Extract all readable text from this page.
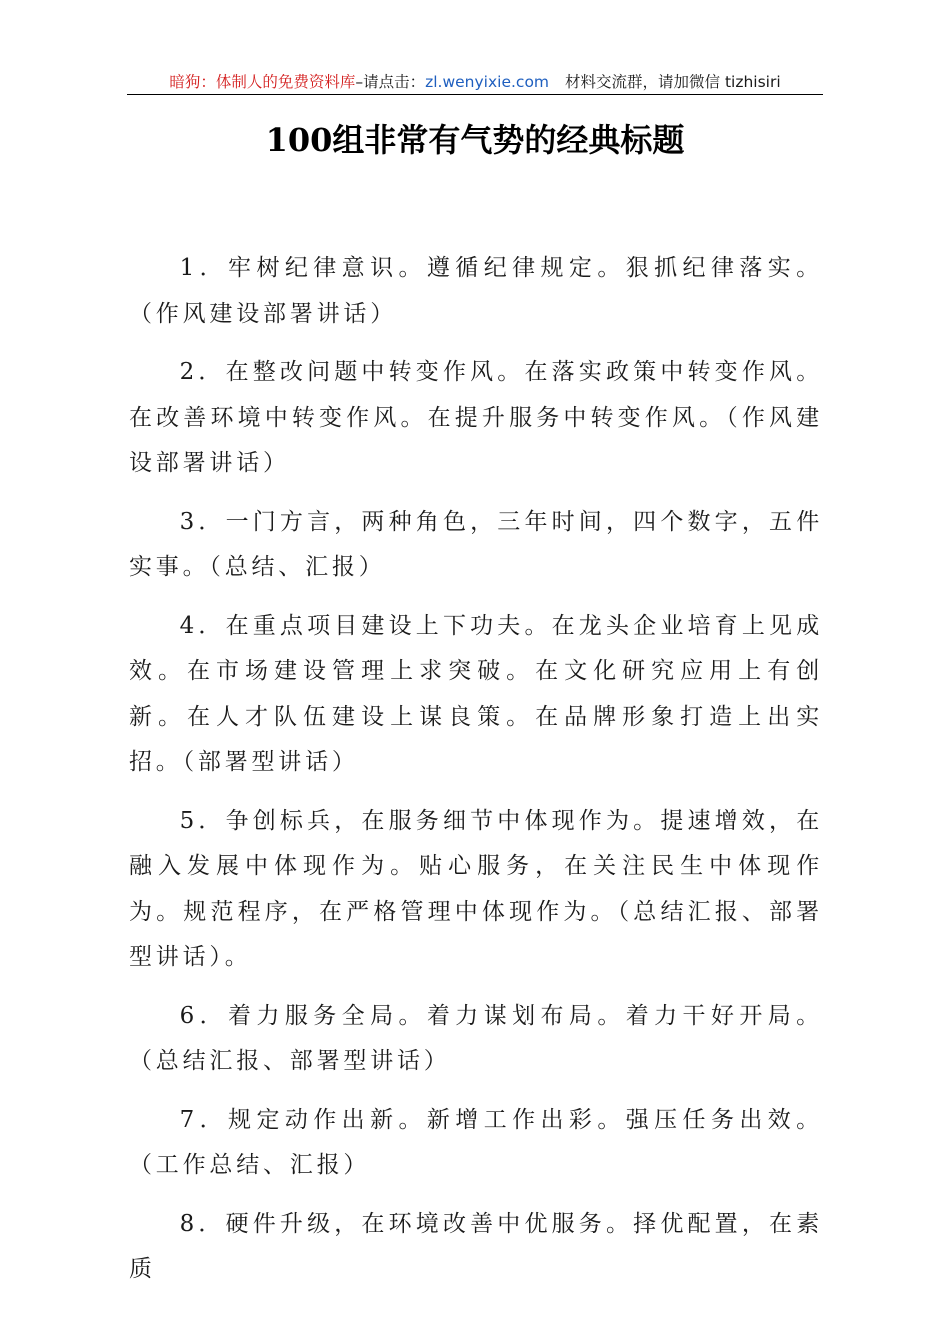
暗狗：体制人的免费资料库–请点击：zl.wenyixie.com 材料交流群，请加微信 tizhisiri
100组非常有气势的经典标题

1．牢树纪律意识。遵循纪律规定。狠抓纪律落实。（作风建设部署讲话）

2．在整改问题中转变作风。在落实政策中转变作风。在改善环境中转变作风。在提升服务中转变作风。（作风建设部署讲话）

3．一门方言，两种角色，三年时间，四个数字，五件实事。（总结、汇报）

4．在重点项目建设上下功夫。在龙头企业培育上见成效。在市场建设管理上求突破。在文化研究应用上有创新。在人才队伍建设上谋良策。在品牌形象打造上出实招。（部署型讲话）

5．争创标兵，在服务细节中体现作为。提速增效，在融入发展中体现作为。贴心服务，在关注民生中体现作为。规范程序，在严格管理中体现作为。（总结汇报、部署型讲话）。

6．着力服务全局。着力谋划布局。着力干好开局。（总结汇报、部署型讲话）

7．规定动作出新。新增工作出彩。强压任务出效。（工作总结、汇报）

8．硬件升级，在环境改善中优服务。择优配置，在素质
